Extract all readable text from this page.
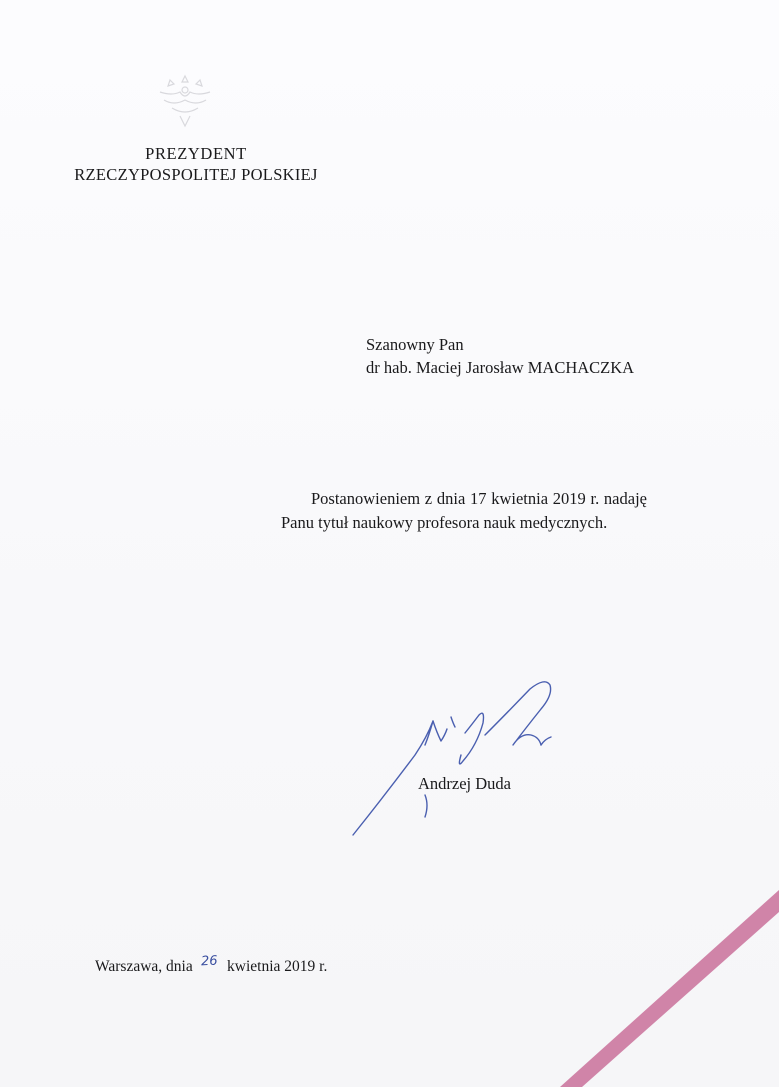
PREZYDENT
RZECZYPOSPOLITEJ POLSKIEJ
Szanowny Pan
dr hab. Maciej Jarosław MACHACZKA

Postanowieniem z dnia 17 kwietnia 2019 r. nadaję Panu tytuł naukowy profesora nauk medycznych.

Andrzej Duda
Warszawa, dnia 26 kwietnia 2019 r.
